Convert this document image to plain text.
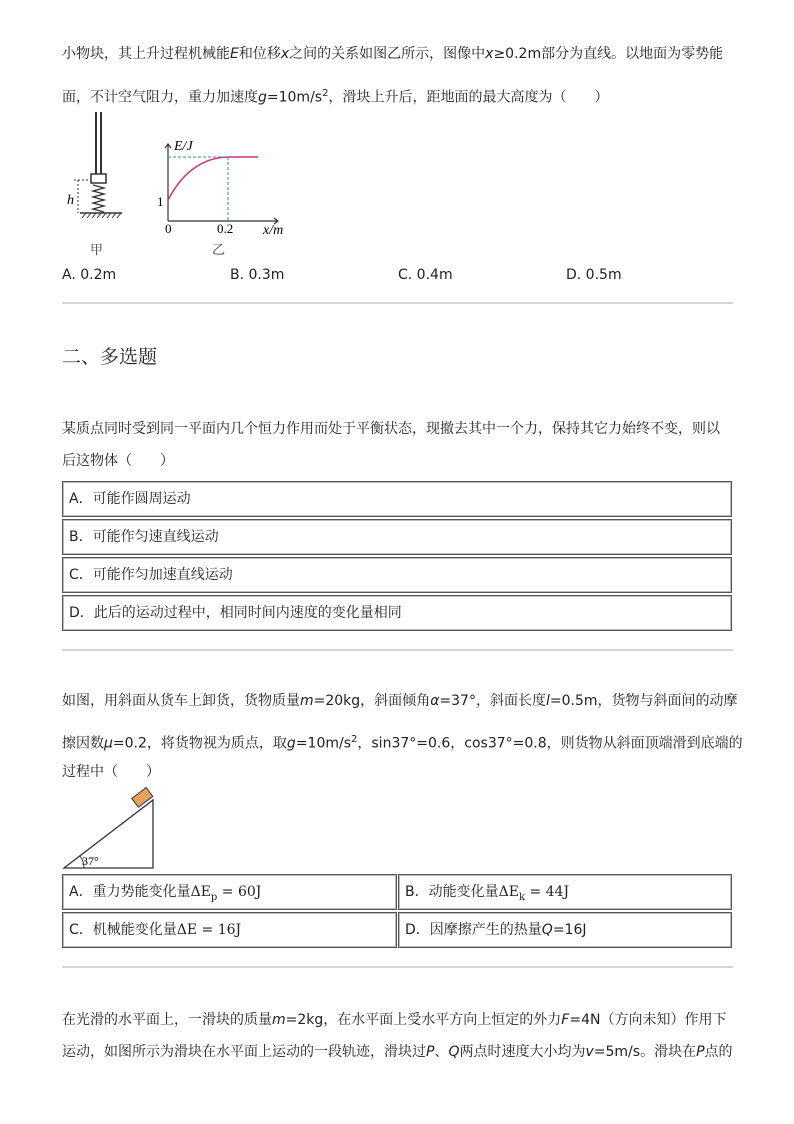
小物块，其上升过程机械能E和位移x之间的关系如图乙所示，图像中x≥0.2m部分为直线。以地面为零势能
面，不计空气阻力，重力加速度$g=10m/s^2$，滑块上升后，距地面的最大高度为（　　）
h
甲
E/J
x/m
0
1
0.2
乙
A. 0.2m	B. 0.3m	C. 0.4m	D. 0.5m
二、多选题
某质点同时受到同一平面内几个恒力作用而处于平衡状态，现撤去其中一个力，保持其它力始终不变，则以
后这物体（　　）
A．可能作圆周运动
B．可能作匀速直线运动
C．可能作匀加速直线运动
D．此后的运动过程中，相同时间内速度的变化量相同
如图，用斜面从货车上卸货，货物质量m=20kg，斜面倾角α=37°，斜面长度l=0.5m，货物与斜面间的动摩
擦因数μ=0.2，将货物视为质点，取$g=10m/s^2$，sin37°=0.6，cos37°=0.8，则货物从斜面顶端滑到底端的
过程中（　　）
37°
A．重力势能变化量$\Delta E_p = 60J$	B．动能变化量$\Delta E_k = 44J$
C．机械能变化量ΔE = 16J	D．因摩擦产生的热量Q=16J
在光滑的水平面上，一滑块的质量m=2kg，在水平面上受水平方向上恒定的外力F=4N（方向未知）作用下
运动，如图所示为滑块在水平面上运动的一段轨迹，滑块过P、Q两点时速度大小均为v=5m/s。滑块在P点的
